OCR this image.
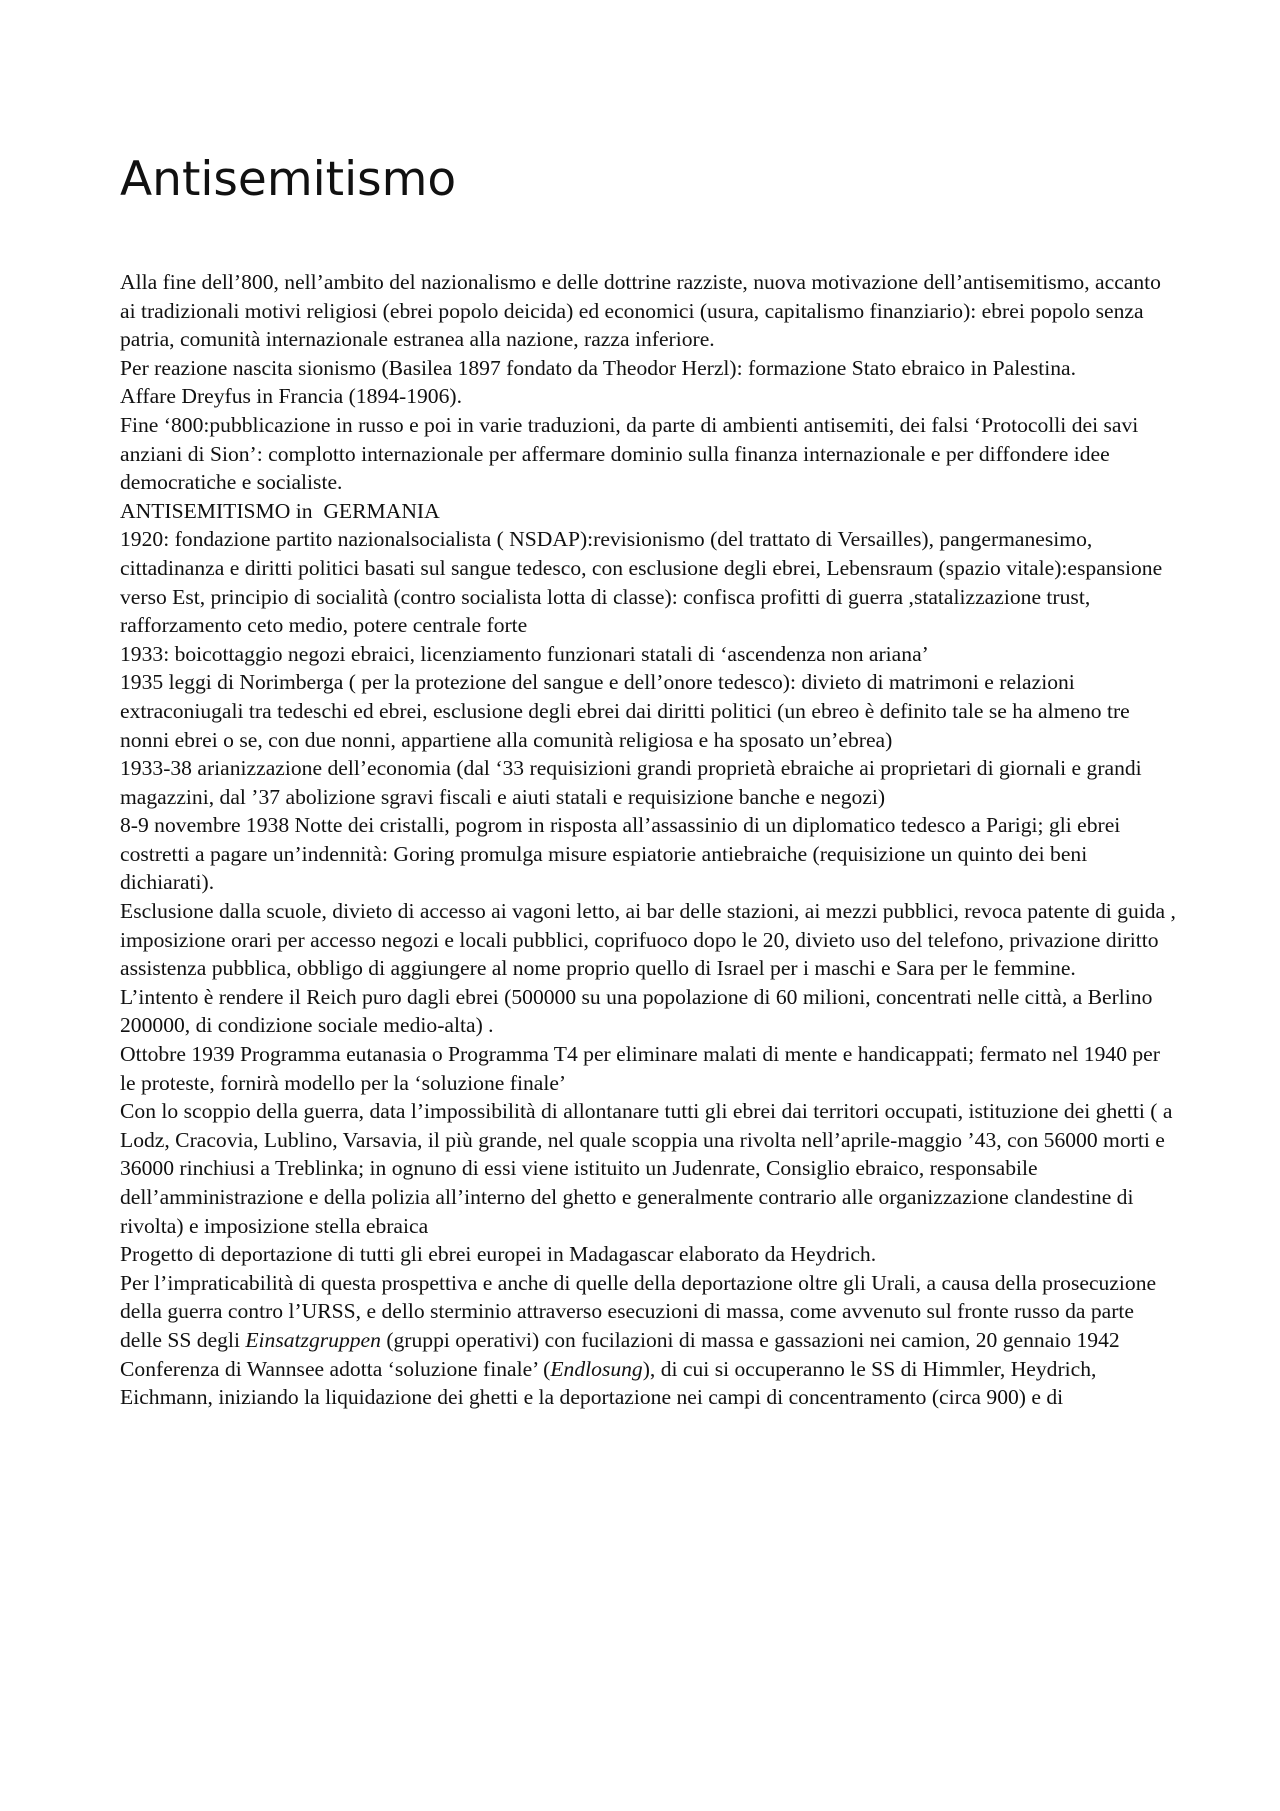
Antisemitismo

Alla fine dell’800, nell’ambito del nazionalismo e delle dottrine razziste, nuova motivazione dell’antisemitismo, accanto ai tradizionali motivi religiosi (ebrei popolo deicida) ed economici (usura, capitalismo finanziario): ebrei popolo senza patria, comunità internazionale estranea alla nazione, razza inferiore.

Per reazione nascita sionismo (Basilea 1897 fondato da Theodor Herzl): formazione Stato ebraico in Palestina.

Affare Dreyfus in Francia (1894-1906).

Fine ‘800:pubblicazione in russo e poi in varie traduzioni, da parte di ambienti antisemiti, dei falsi ‘Protocolli dei savi anziani di Sion’: complotto internazionale per affermare dominio sulla finanza internazionale e per diffondere idee democratiche e socialiste.

ANTISEMITISMO in  GERMANIA

1920: fondazione partito nazionalsocialista ( NSDAP):revisionismo (del trattato di Versailles), pangermanesimo, cittadinanza e diritti politici basati sul sangue tedesco, con esclusione degli ebrei, Lebensraum (spazio vitale):espansione verso Est, principio di socialità (contro socialista lotta di classe): confisca profitti di guerra ,statalizzazione trust, rafforzamento ceto medio, potere centrale forte

1933: boicottaggio negozi ebraici, licenziamento funzionari statali di ‘ascendenza non ariana’

1935 leggi di Norimberga ( per la protezione del sangue e dell’onore tedesco): divieto di matrimoni e relazioni extraconiugali tra tedeschi ed ebrei, esclusione degli ebrei dai diritti politici (un ebreo è definito tale se ha almeno tre nonni ebrei o se, con due nonni, appartiene alla comunità religiosa e ha sposato un’ebrea)

1933-38 arianizzazione dell’economia (dal ‘33 requisizioni grandi proprietà ebraiche ai proprietari di giornali e grandi magazzini, dal ’37 abolizione sgravi fiscali e aiuti statali e requisizione banche e negozi)

8-9 novembre 1938 Notte dei cristalli, pogrom in risposta all’assassinio di un diplomatico tedesco a Parigi; gli ebrei costretti a pagare un’indennità: Goring promulga misure espiatorie antiebraiche (requisizione un quinto dei beni dichiarati).

Esclusione dalla scuole, divieto di accesso ai vagoni letto, ai bar delle stazioni, ai mezzi pubblici, revoca patente di guida , imposizione orari per accesso negozi e locali pubblici, coprifuoco dopo le 20, divieto uso del telefono, privazione diritto assistenza pubblica, obbligo di aggiungere al nome proprio quello di Israel per i maschi e Sara per le femmine.

L’intento è rendere il Reich puro dagli ebrei (500000 su una popolazione di 60 milioni, concentrati nelle città, a Berlino 200000, di condizione sociale medio-alta) .

Ottobre 1939 Programma eutanasia o Programma T4 per eliminare malati di mente e handicappati; fermato nel 1940 per le proteste, fornirà modello per la ‘soluzione finale’

Con lo scoppio della guerra, data l’impossibilità di allontanare tutti gli ebrei dai territori occupati, istituzione dei ghetti ( a Lodz, Cracovia, Lublino, Varsavia, il più grande, nel quale scoppia una rivolta nell’aprile-maggio ’43, con 56000 morti e 36000 rinchiusi a Treblinka; in ognuno di essi viene istituito un Judenrate, Consiglio ebraico, responsabile dell’amministrazione e della polizia all’interno del ghetto e generalmente contrario alle organizzazione clandestine di rivolta) e imposizione stella ebraica

Progetto di deportazione di tutti gli ebrei europei in Madagascar elaborato da Heydrich.

Per l’impraticabilità di questa prospettiva e anche di quelle della deportazione oltre gli Urali, a causa della prosecuzione della guerra contro l’URSS, e dello sterminio attraverso esecuzioni di massa, come avvenuto sul fronte russo da parte delle SS degli Einsatzgruppen (gruppi operativi) con fucilazioni di massa e gassazioni nei camion, 20 gennaio 1942 Conferenza di Wannsee adotta ‘soluzione finale’ (Endlosung), di cui si occuperanno le SS di Himmler, Heydrich, Eichmann, iniziando la liquidazione dei ghetti e la deportazione nei campi di concentramento (circa 900) e di
